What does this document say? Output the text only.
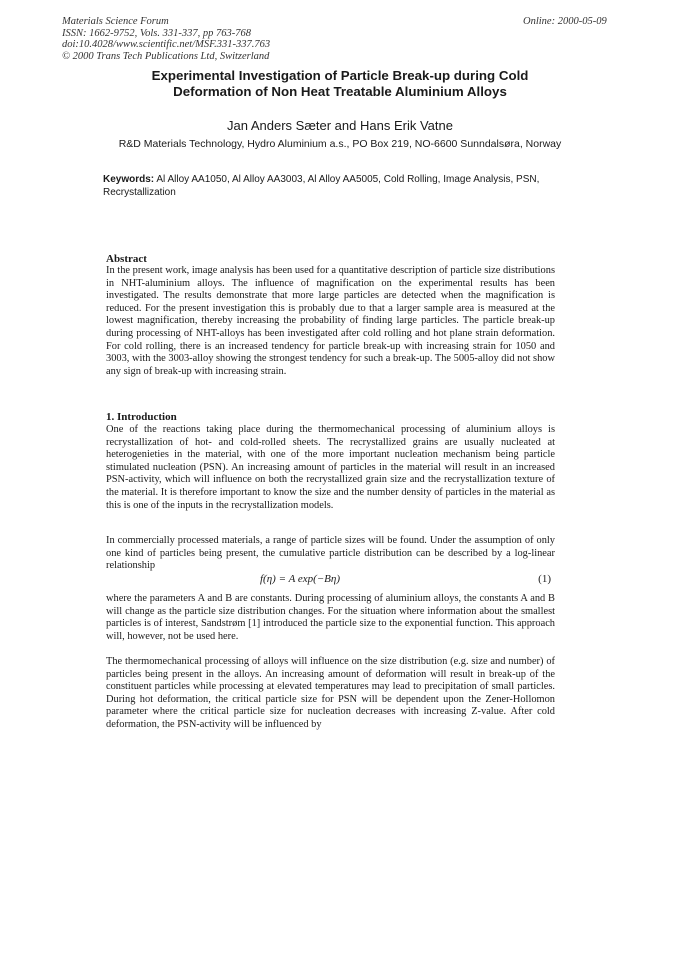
Materials Science Forum
ISSN: 1662-9752, Vols. 331-337, pp 763-768
doi:10.4028/www.scientific.net/MSF.331-337.763
© 2000 Trans Tech Publications Ltd, Switzerland
Online: 2000-05-09
Experimental Investigation of Particle Break-up during Cold
Deformation of Non Heat Treatable Aluminium Alloys
Jan Anders Sæter and Hans Erik Vatne
R&D Materials Technology, Hydro Aluminium a.s., PO Box 219, NO-6600 Sunndalsøra, Norway
Keywords: Al Alloy AA1050, Al Alloy AA3003, Al Alloy AA5005, Cold Rolling, Image Analysis, PSN, Recrystallization
Abstract

In the present work, image analysis has been used for a quantitative description of particle size distributions in NHT-aluminium alloys. The influence of magnification on the experimental results has been investigated. The results demonstrate that more large particles are detected when the magnification is reduced. For the present investigation this is probably due to that a larger sample area is measured at the lowest magnification, thereby increasing the probability of finding large particles. The particle break-up during processing of NHT-alloys has been investigated after cold rolling and hot plane strain deformation. For cold rolling, there is an increased tendency for particle break-up with increasing strain for 1050 and 3003, with the 3003-alloy showing the strongest tendency for such a break-up. The 5005-alloy did not show any sign of break-up with increasing strain.

1. Introduction

One of the reactions taking place during the thermomechanical processing of aluminium alloys is recrystallization of hot- and cold-rolled sheets. The recrystallized grains are usually nucleated at heterogenieties in the material, with one of the more important nucleation mechanism being particle stimulated nucleation (PSN). An increasing amount of particles in the material will result in an increased PSN-activity, which will influence on both the recrystallized grain size and the recrystallization texture of the material. It is therefore important to know the size and the number density of particles in the material as this is one of the inputs in the recrystallization models.

In commercially processed materials, a range of particle sizes will be found. Under the assumption of only one kind of particles being present, the cumulative particle distribution can be described by a log-linear relationship

f(η) = A exp(−Bη)	(1)

where the parameters A and B are constants. During processing of aluminium alloys, the constants A and B will change as the particle size distribution changes. For the situation where information about the smallest particles is of interest, Sandstrøm [1] introduced the particle size to the exponential function. This approach will, however, not be used here.

The thermomechanical processing of alloys will influence on the size distribution (e.g. size and number) of particles being present in the alloys. An increasing amount of deformation will result in break-up of the constituent particles while processing at elevated temperatures may lead to precipitation of small particles. During hot deformation, the critical particle size for PSN will be dependent upon the Zener-Hollomon parameter where the critical particle size for nucleation decreases with increasing Z-value. After cold deformation, the PSN-activity will be influenced by
